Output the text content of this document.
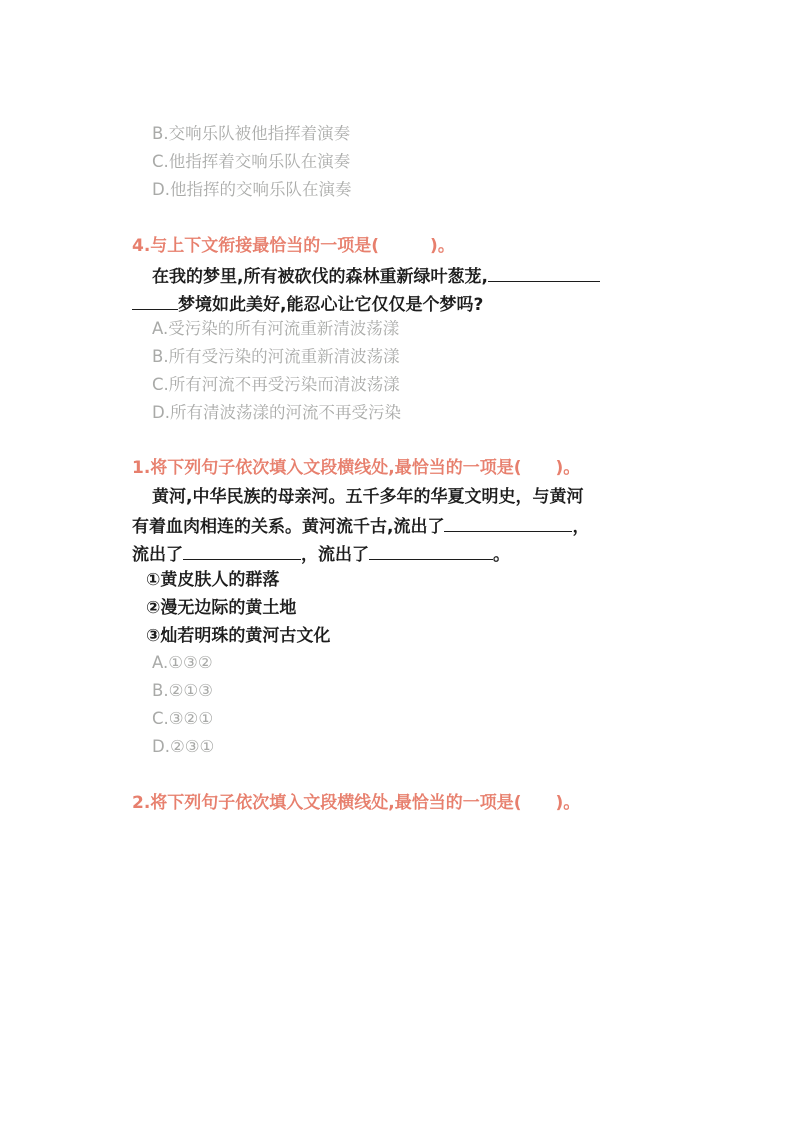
B.交响乐队被他指挥着演奏
C.他指挥着交响乐队在演奏
D.他指挥的交响乐队在演奏
4.与上下文衔接最恰当的一项是(　　　)。
在我的梦里,所有被砍伐的森林重新绿叶葱茏,
梦境如此美好,能忍心让它仅仅是个梦吗?
A.受污染的所有河流重新清波荡漾
B.所有受污染的河流重新清波荡漾
C.所有河流不再受污染而清波荡漾
D.所有清波荡漾的河流不再受污染
1.将下列句子依次填入文段横线处,最恰当的一项是(　　)。
黄河,中华民族的母亲河。五千多年的华夏文明史，与黄河
有着血肉相连的关系。黄河流千古,流出了	，
流出了	，流出了	。
①黄皮肤人的群落
②漫无边际的黄土地
③灿若明珠的黄河古文化
A.①③②
B.②①③
C.③②①
D.②③①
2.将下列句子依次填入文段横线处,最恰当的一项是(　　)。
